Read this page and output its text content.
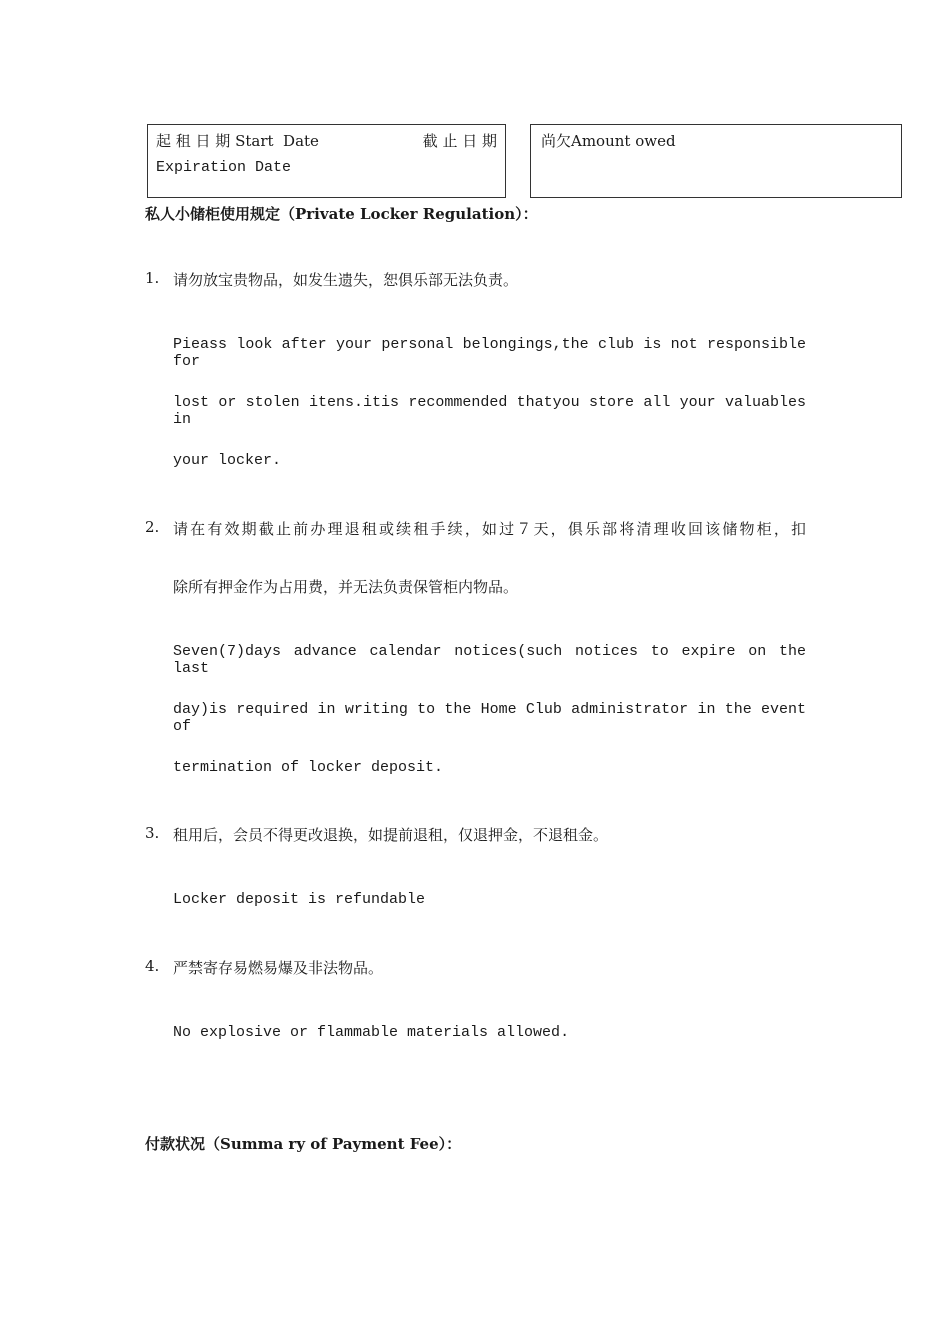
起 租 日 期 Start  Date	截 止 日 期
Expiration Date
尚欠Amount owed
私人小储柜使用规定（Private Locker Regulation）：
1. 请勿放宝贵物品，如发生遗失，恕俱乐部无法负责。
Pieass look after your personal belongings,the club is not responsible for
lost or stolen itens.itis recommended thatyou store all your valuables in
your locker.
2. 请在有效期截止前办理退租或续租手续，如过７天，俱乐部将清理收回该储物柜，扣
除所有押金作为占用费，并无法负责保管柜内物品。
Seven(7)days advance calendar notices(such notices to expire on the last
day)is required in writing to the Home Club administrator in the event of
termination of locker deposit.
3. 租用后，会员不得更改退换，如提前退租，仅退押金，不退租金。
Locker deposit is refundable
4. 严禁寄存易燃易爆及非法物品。
No explosive or flammable materials allowed.
付款状况（Summa ry of Payment Fee）：
